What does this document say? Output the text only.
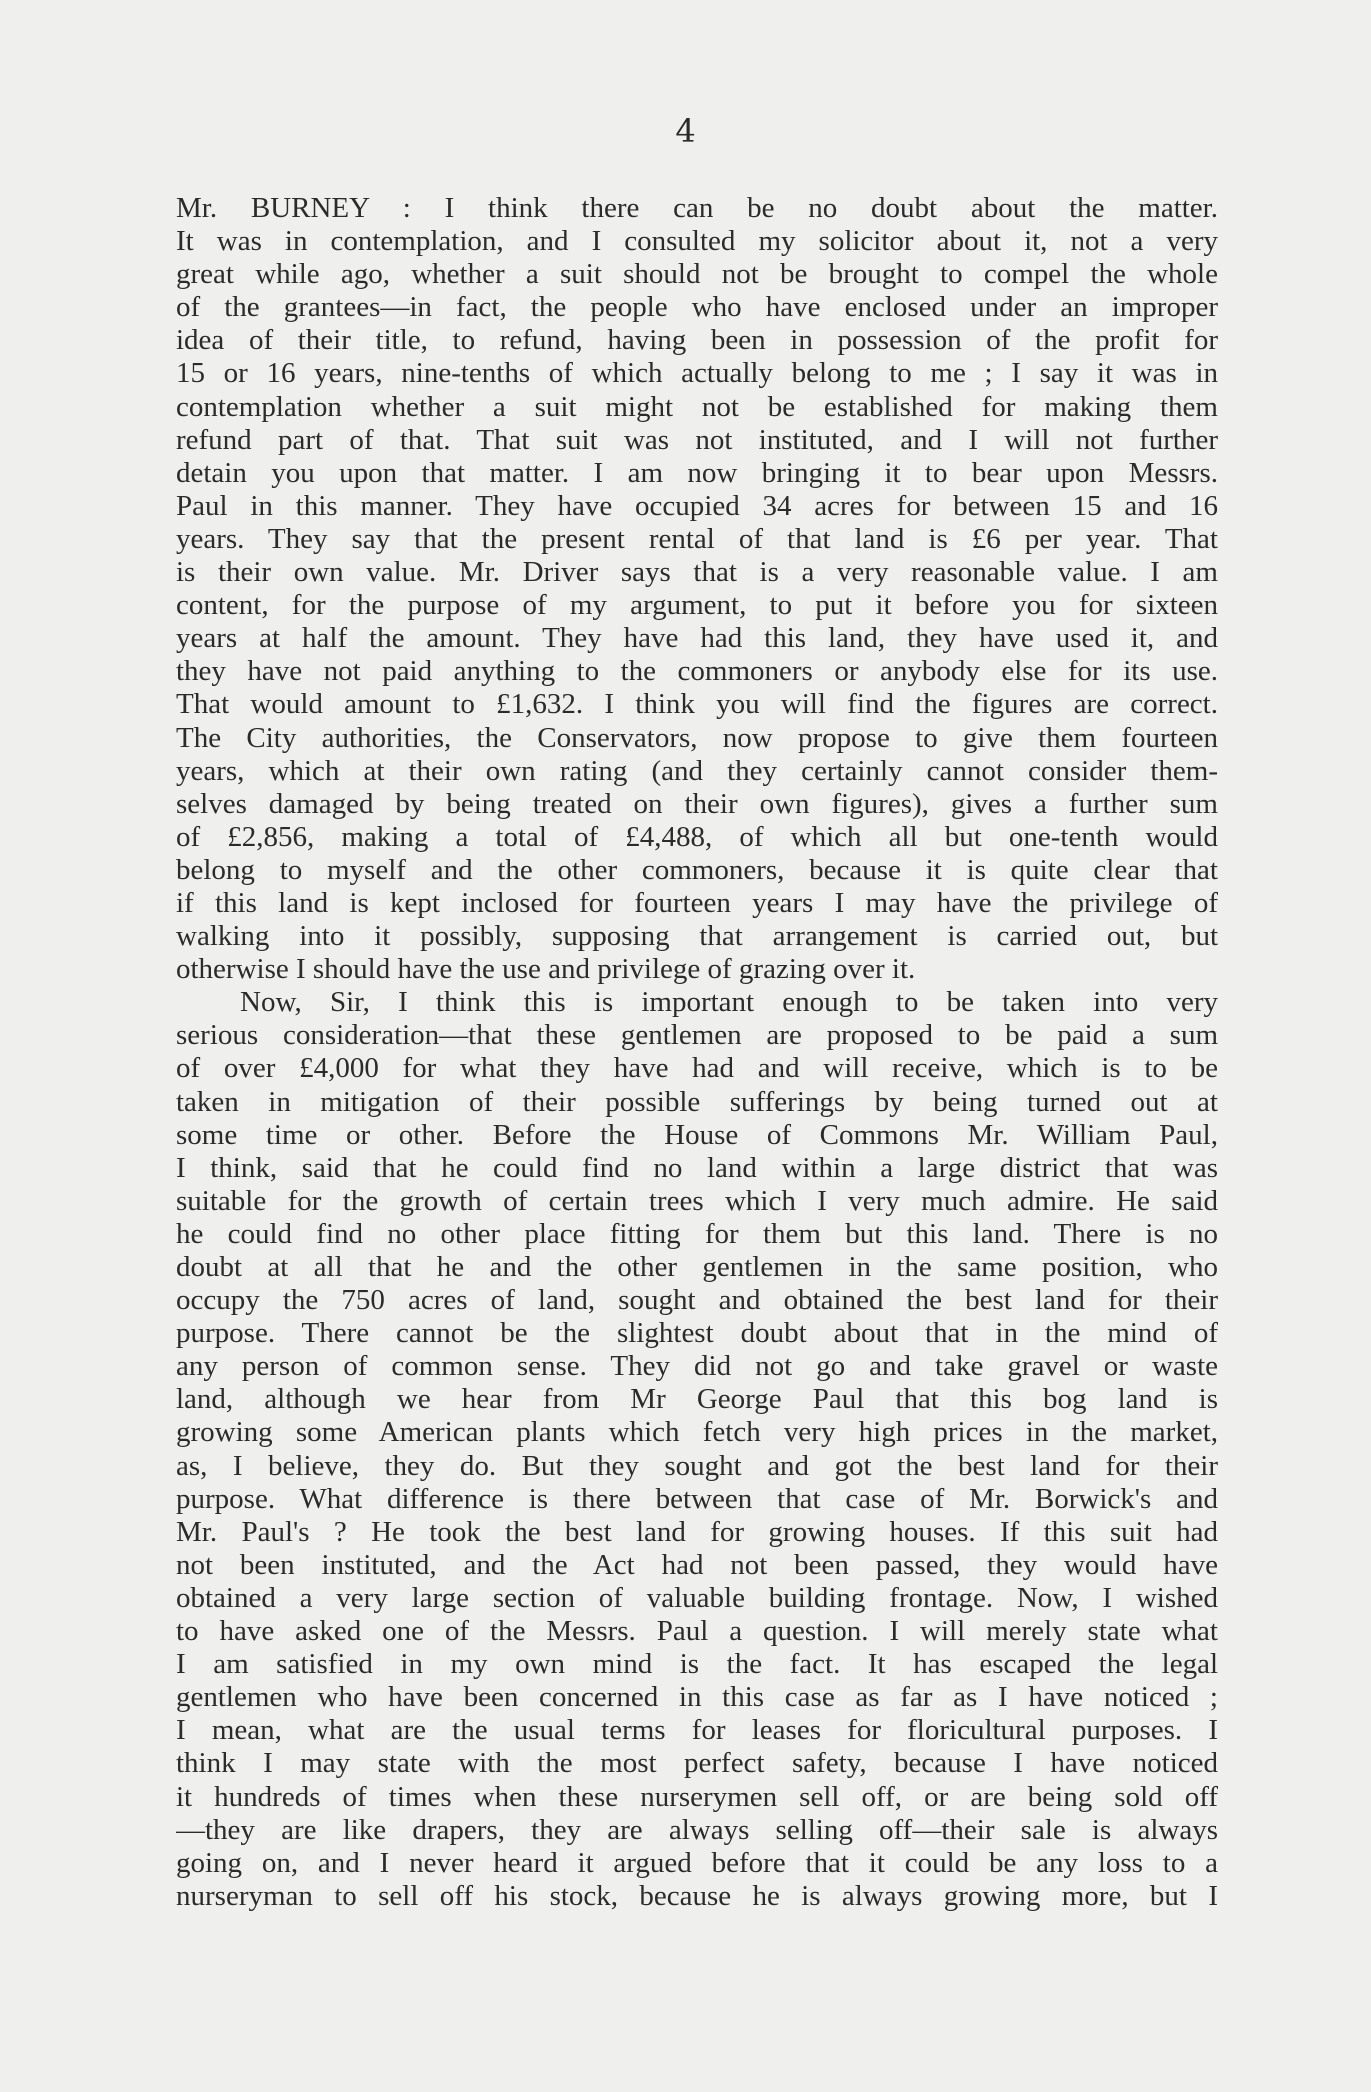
4
Mr. BURNEY : I think there can be no doubt about the matter.
It was in contemplation, and I consulted my solicitor about it, not a very
great while ago, whether a suit should not be brought to compel the whole
of the grantees—in fact, the people who have enclosed under an improper
idea of their title, to refund, having been in possession of the profit for
15 or 16 years, nine-tenths of which actually belong to me ; I say it was in
contemplation whether a suit might not be established for making them
refund part of that. That suit was not instituted, and I will not further
detain you upon that matter. I am now bringing it to bear upon Messrs.
Paul in this manner. They have occupied 34 acres for between 15 and 16
years. They say that the present rental of that land is £6 per year. That
is their own value. Mr. Driver says that is a very reasonable value. I am
content, for the purpose of my argument, to put it before you for sixteen
years at half the amount. They have had this land, they have used it, and
they have not paid anything to the commoners or anybody else for its use.
That would amount to £1,632. I think you will find the figures are correct.
The City authorities, the Conservators, now propose to give them fourteen
years, which at their own rating (and they certainly cannot consider them-
selves damaged by being treated on their own figures), gives a further sum
of £2,856, making a total of £4,488, of which all but one-tenth would
belong to myself and the other commoners, because it is quite clear that
if this land is kept inclosed for fourteen years I may have the privilege of
walking into it possibly, supposing that arrangement is carried out, but
otherwise I should have the use and privilege of grazing over it.
Now, Sir, I think this is important enough to be taken into very
serious consideration—that these gentlemen are proposed to be paid a sum
of over £4,000 for what they have had and will receive, which is to be
taken in mitigation of their possible sufferings by being turned out at
some time or other. Before the House of Commons Mr. William Paul,
I think, said that he could find no land within a large district that was
suitable for the growth of certain trees which I very much admire. He said
he could find no other place fitting for them but this land. There is no
doubt at all that he and the other gentlemen in the same position, who
occupy the 750 acres of land, sought and obtained the best land for their
purpose. There cannot be the slightest doubt about that in the mind of
any person of common sense. They did not go and take gravel or waste
land, although we hear from Mr George Paul that this bog land is
growing some American plants which fetch very high prices in the market,
as, I believe, they do. But they sought and got the best land for their
purpose. What difference is there between that case of Mr. Borwick's and
Mr. Paul's ? He took the best land for growing houses. If this suit had
not been instituted, and the Act had not been passed, they would have
obtained a very large section of valuable building frontage. Now, I wished
to have asked one of the Messrs. Paul a question. I will merely state what
I am satisfied in my own mind is the fact. It has escaped the legal
gentlemen who have been concerned in this case as far as I have noticed ;
I mean, what are the usual terms for leases for floricultural purposes. I
think I may state with the most perfect safety, because I have noticed
it hundreds of times when these nurserymen sell off, or are being sold off
—they are like drapers, they are always selling off—their sale is always
going on, and I never heard it argued before that it could be any loss to a
nurseryman to sell off his stock, because he is always growing more, but I
